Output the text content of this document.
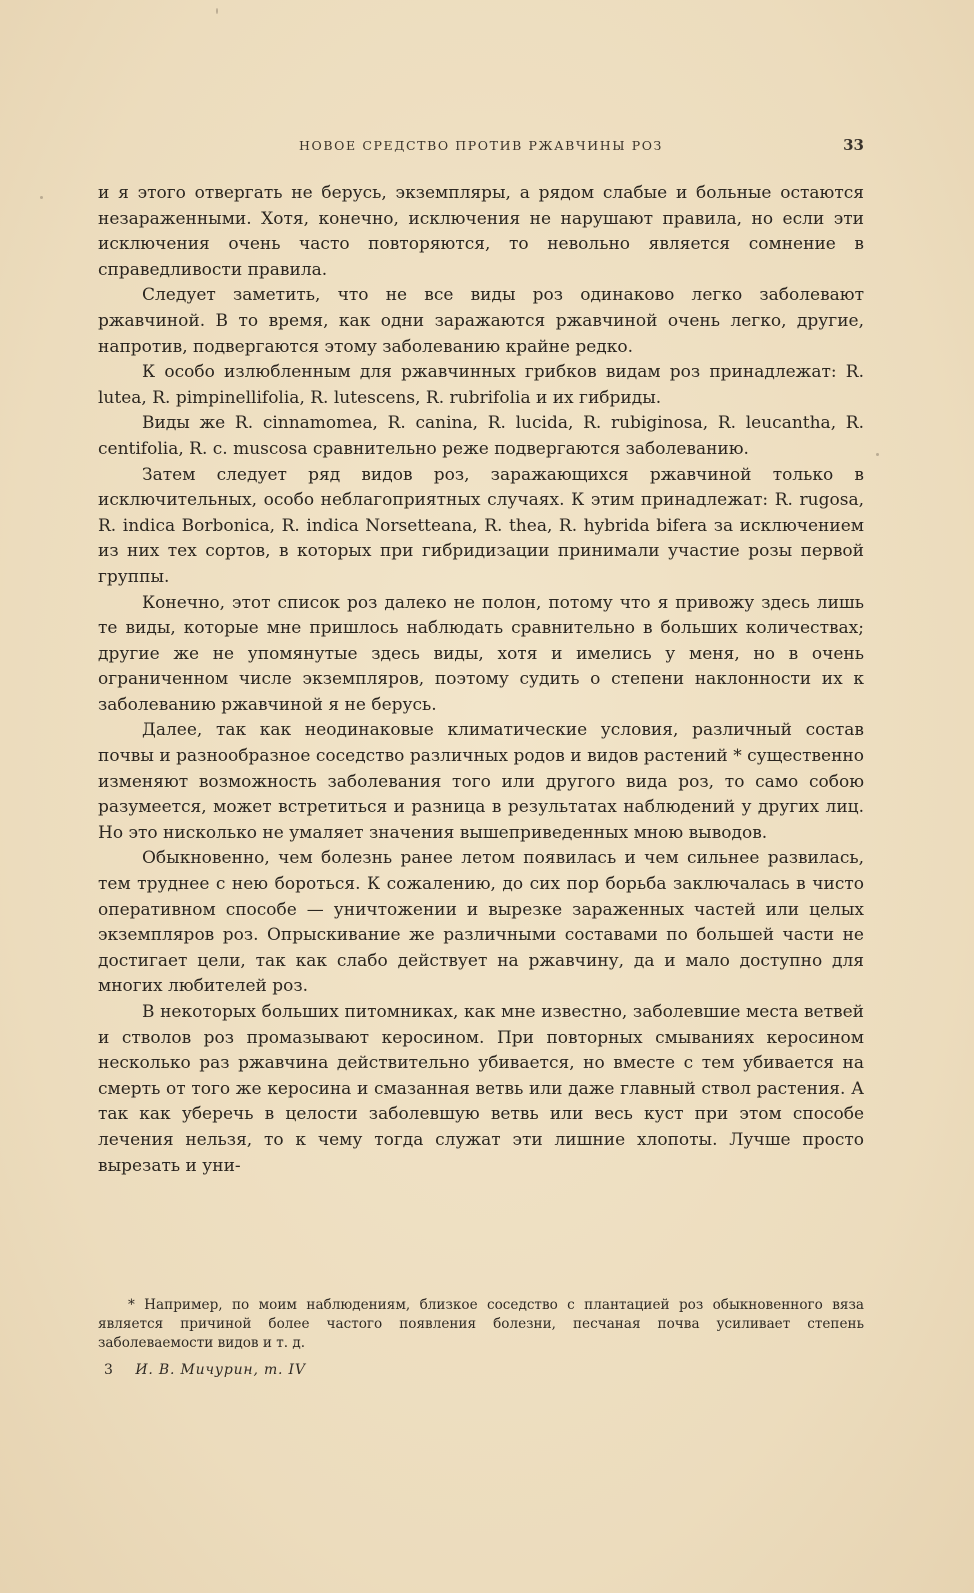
НОВОЕ СРЕДСТВО ПРОТИВ РЖАВЧИНЫ РОЗ	33

и я этого отвергать не берусь, экземпляры, а рядом слабые и больные остаются незараженными. Хотя, конечно, исключения не нарушают правила, но если эти исключения очень часто повторяются, то невольно является сомнение в справедливости правила.

Следует заметить, что не все виды роз одинаково легко заболевают ржавчиной. В то время, как одни заражаются ржавчиной очень легко, другие, напротив, подвергаются этому заболеванию крайне редко.

К особо излюбленным для ржавчинных грибков видам роз принадлежат: R. lutea, R. pimpinellifolia, R. lutescens, R. rubrifolia и их гибриды.

Виды же R. cinnamomea, R. canina, R. lucida, R. rubiginosa, R. leucantha, R. centifolia, R. c. muscosa сравнительно реже подвергаются заболеванию.

Затем следует ряд видов роз, заражающихся ржавчиной только в исключительных, особо неблагоприятных случаях. К этим принадлежат: R. rugosa, R. indica Borbonica, R. indica Norsetteana, R. thea, R. hybrida bifera за исключением из них тех сортов, в которых при гибридизации принимали участие розы первой группы.

Конечно, этот список роз далеко не полон, потому что я привожу здесь лишь те виды, которые мне пришлось наблюдать сравнительно в больших количествах; другие же не упомянутые здесь виды, хотя и имелись у меня, но в очень ограниченном числе экземпляров, поэтому судить о степени наклонности их к заболеванию ржавчиной я не берусь.

Далее, так как неодинаковые климатические условия, различный состав почвы и разнообразное соседство различных родов и видов растений * существенно изменяют возможность заболевания того или другого вида роз, то само собою разумеется, может встретиться и разница в результатах наблюдений у других лиц. Но это нисколько не умаляет значения вышеприведенных мною выводов.

Обыкновенно, чем болезнь ранее летом появилась и чем сильнее развилась, тем труднее с нею бороться. К сожалению, до сих пор борьба заключалась в чисто оперативном способе — уничтожении и вырезке зараженных частей или целых экземпляров роз. Опрыскивание же различными составами по большей части не достигает цели, так как слабо действует на ржавчину, да и мало доступно для многих любителей роз.

В некоторых больших питомниках, как мне известно, заболевшие места ветвей и стволов роз промазывают керосином. При повторных смываниях керосином несколько раз ржавчина действительно убивается, но вместе с тем убивается на смерть от того же керосина и смазанная ветвь или даже главный ствол растения. А так как уберечь в целости заболевшую ветвь или весь куст при этом способе лечения нельзя, то к чему тогда служат эти лишние хлопоты. Лучше просто вырезать и уни-

* Например, по моим наблюдениям, близкое соседство с плантацией роз обыкновенного вяза является причиной более частого появления болезни, песчаная почва усиливает степень заболеваемости видов и т. д.
3 И. В. Мичурин, т. IV
